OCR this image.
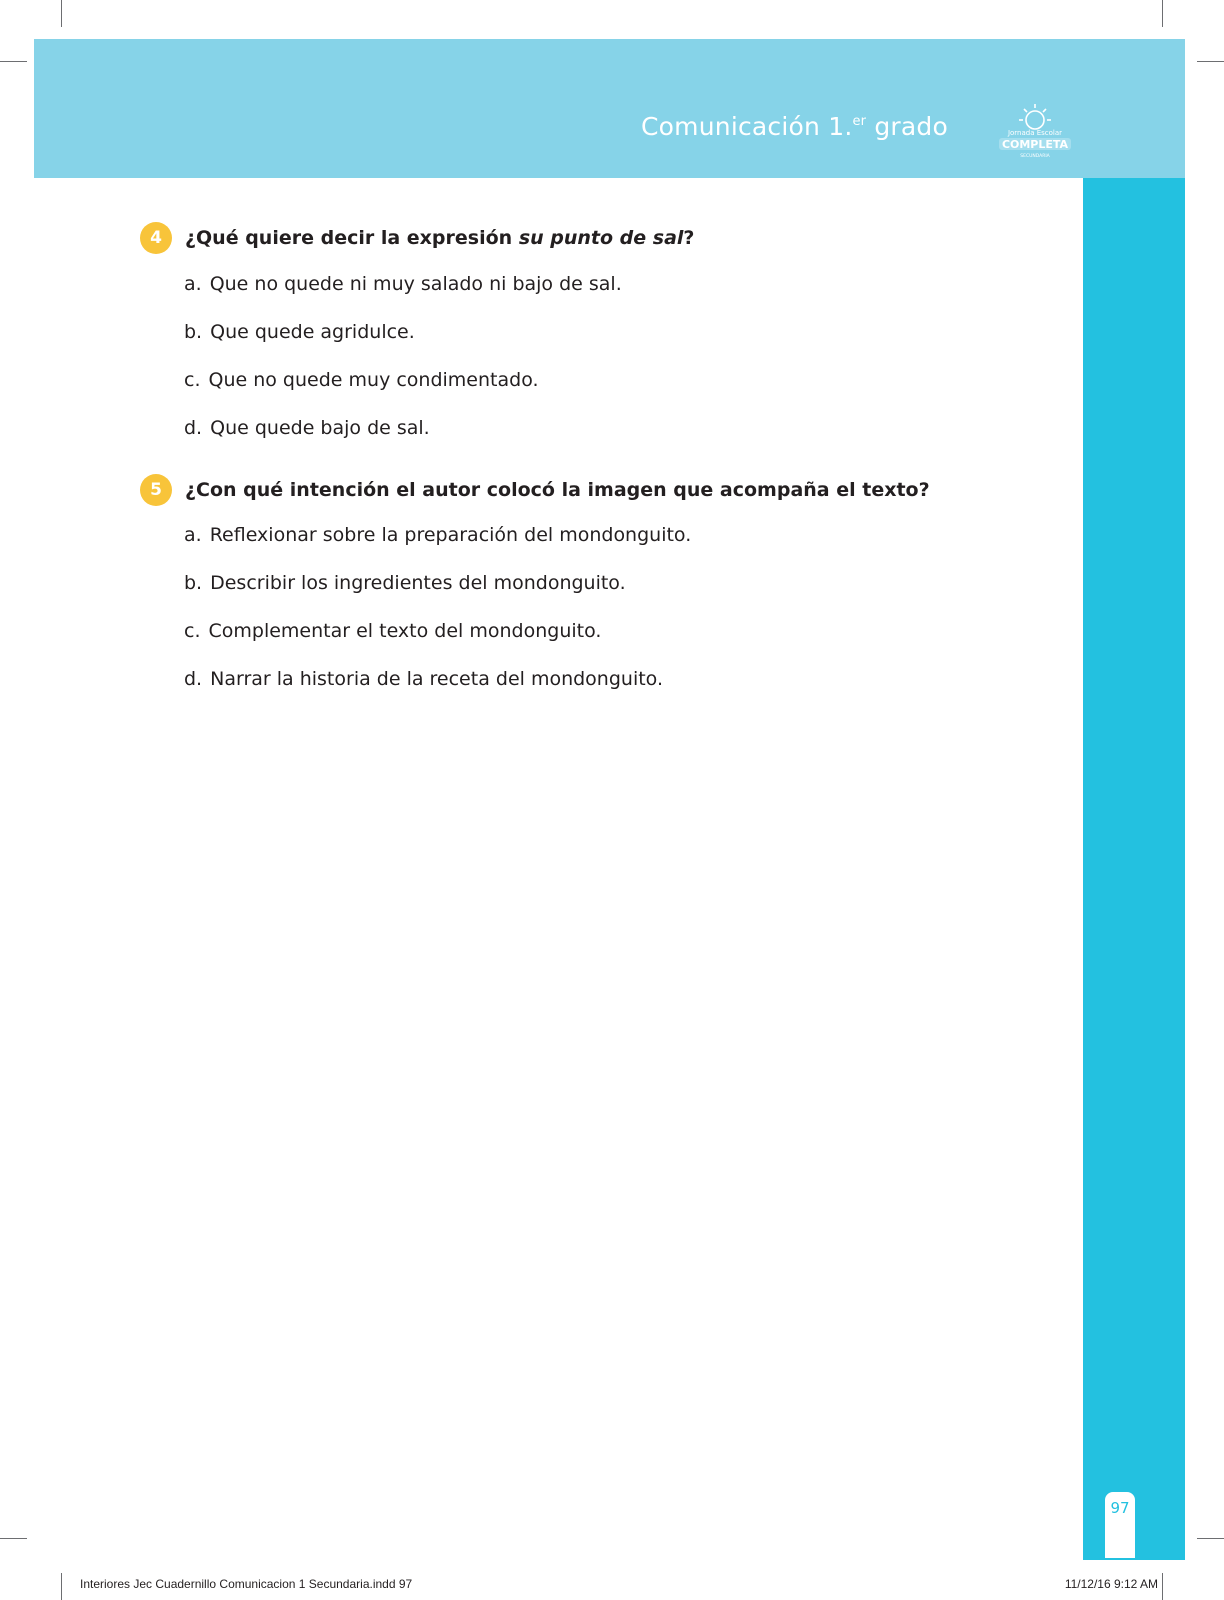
Comunicación 1.$^{er}$ grado	Jornada Escolar
COMPLETA
SECUNDARIA
97
4	¿Qué quiere decir la expresión su punto de sal?
a. Que no quede ni muy salado ni bajo de sal.
b. Que quede agridulce.
c. Que no quede muy condimentado.
d. Que quede bajo de sal.
5	¿Con qué intención el autor colocó la imagen que acompaña el texto?
a. Reflexionar sobre la preparación del mondonguito.
b. Describir los ingredientes del mondonguito.
c. Complementar el texto del mondonguito.
d. Narrar la historia de la receta del mondonguito.
Interiores Jec Cuadernillo Comunicacion 1 Secundaria.indd 97	11/12/16 9:12 AM
